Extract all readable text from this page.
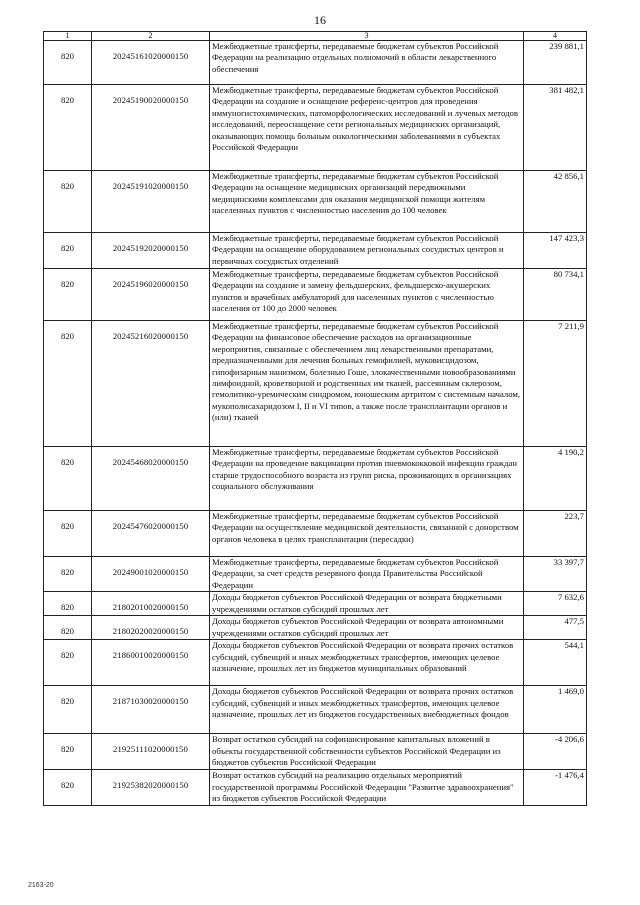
16
1	2	3	4
820	20245161020000150	Межбюджетные трансферты, передаваемые бюджетам субъектов Российской Федерации на реализацию отдельных полномочий в области лекарственного обеспечения	239 881,1
820	20245190020000150	Межбюджетные трансферты, передаваемые бюджетам субъектов Российской Федерации на создание и оснащение референс-центров для проведения иммуногистохимических, патоморфологических исследований и лучевых методов исследований, переоснащение сети региональных медицинских организаций, оказывающих помощь больным онкологическими заболеваниями в субъектах Российской Федерации	381 482,1
820	20245191020000150	Межбюджетные трансферты, передаваемые бюджетам субъектов Российской Федерации на оснащение медицинских организаций передвижными медицинскими комплексами для оказания медицинской помощи жителям населенных пунктов с численностью населения до 100 человек	42 856,1
820	20245192020000150	Межбюджетные трансферты, передаваемые бюджетам субъектов Российской Федерации на оснащение оборудованием региональных сосудистых центров и первичных сосудистых отделений	147 423,3
820	20245196020000150	Межбюджетные трансферты, передаваемые бюджетам субъектов Российской Федерации на создание и замену фельдшерских, фельдшерско-акушерских пунктов и врачебных амбулаторий для населенных пунктов с численностью населения от 100 до 2000 человек	80 734,1
820	20245216020000150	Межбюджетные трансферты, передаваемые бюджетам субъектов Российской Федерации на финансовое обеспечение расходов на организационные мероприятия, связанные с обеспечением лиц лекарственными препаратами, предназначенными для лечения больных гемофилией, муковисцидозом, гипофизарным нанизмом, болезнью Гоше, злокачественными новообразованиями лимфоидной, кроветворной и родственных им тканей, рассеянным склерозом, гемолитико-уремическим синдромом, юношеским артритом с системным началом, мукополисахаридозом I, II и VI типов, а также после трансплантации органов и (или) тканей	7 211,9
820	20245468020000150	Межбюджетные трансферты, передаваемые бюджетам субъектов Российской Федерации на проведение вакцинации против пневмококковой инфекции граждан старше трудоспособного возраста из групп риска, проживающих в организациях социального обслуживания	4 190,2
820	20245476020000150	Межбюджетные трансферты, передаваемые бюджетам субъектов Российской Федерации на осуществление медицинской деятельности, связанной с донорством органов человека в целях трансплантации (пересадки)	223,7
820	20249001020000150	Межбюджетные трансферты, передаваемые бюджетам субъектов Российской Федерации, за счет средств резервного фонда Правительства Российской Федерации	33 397,7
820	21802010020000150	Доходы бюджетов субъектов Российской Федерации от возврата бюджетными учреждениями остатков субсидий прошлых лет	7 632,6
820	21802020020000150	Доходы бюджетов субъектов Российской Федерации от возврата автономными учреждениями остатков субсидий прошлых лет	477,5
820	21860010020000150	Доходы бюджетов субъектов Российской Федерации от возврата прочих остатков субсидий, субвенций и иных межбюджетных трансфертов, имеющих целевое назначение, прошлых лет из бюджетов муниципальных образований	544,1
820	21871030020000150	Доходы бюджетов субъектов Российской Федерации от возврата прочих остатков субсидий, субвенций и иных межбюджетных трансфертов, имеющих целевое назначение, прошлых лет из бюджетов государственных внебюджетных фондов	1 469,0
820	21925111020000150	Возврат остатков субсидий на софинансирование капитальных вложений в объекты государственной собственности субъектов Российской Федерации из бюджетов субъектов Российской Федерации	-4 206,6
820	21925382020000150	Возврат остатков субсидий на реализацию отдельных мероприятий государственной программы Российской Федерации "Развитие здравоохранения" из бюджетов субъектов Российской Федерации	-1 476,4
2163-20
